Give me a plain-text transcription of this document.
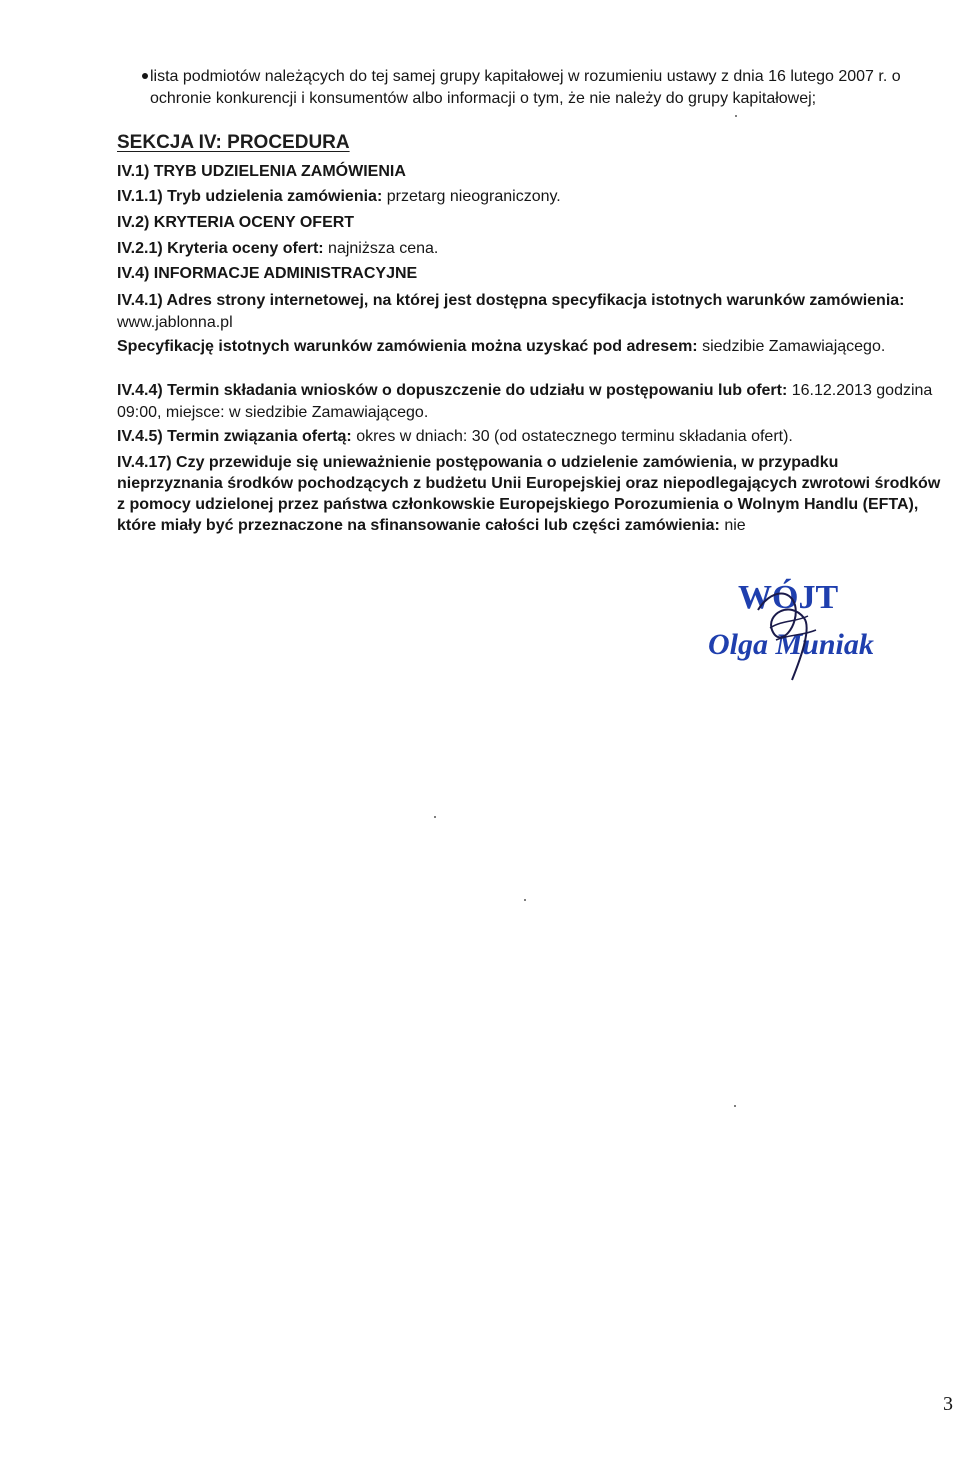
lista podmiotów należących do tej samej grupy kapitałowej w rozumieniu ustawy z dnia 16 lutego 2007 r. o ochronie konkurencji i konsumentów albo informacji o tym, że nie należy do grupy kapitałowej;
SEKCJA IV: PROCEDURA

IV.1) TRYB UDZIELENIA ZAMÓWIENIA

IV.1.1) Tryb udzielenia zamówienia: przetarg nieograniczony.

IV.2) KRYTERIA OCENY OFERT

IV.2.1) Kryteria oceny ofert: najniższa cena.

IV.4) INFORMACJE ADMINISTRACYJNE

IV.4.1) Adres strony internetowej, na której jest dostępna specyfikacja istotnych warunków zamówienia: www.jablonna.pl

Specyfikację istotnych warunków zamówienia można uzyskać pod adresem: siedzibie Zamawiającego.

IV.4.4) Termin składania wniosków o dopuszczenie do udziału w postępowaniu lub ofert: 16.12.2013 godzina 09:00, miejsce: w siedzibie Zamawiającego.

IV.4.5) Termin związania ofertą: okres w dniach: 30 (od ostatecznego terminu składania ofert).

IV.4.17) Czy przewiduje się unieważnienie postępowania o udzielenie zamówienia, w przypadku nieprzyznania środków pochodzących z budżetu Unii Europejskiej oraz niepodlegających zwrotowi środków z pomocy udzielonej przez państwa członkowskie Europejskiego Porozumienia o Wolnym Handlu (EFTA), które miały być przeznaczone na sfinansowanie całości lub części zamówienia: nie

WÓJT
Olga Muniak
3
